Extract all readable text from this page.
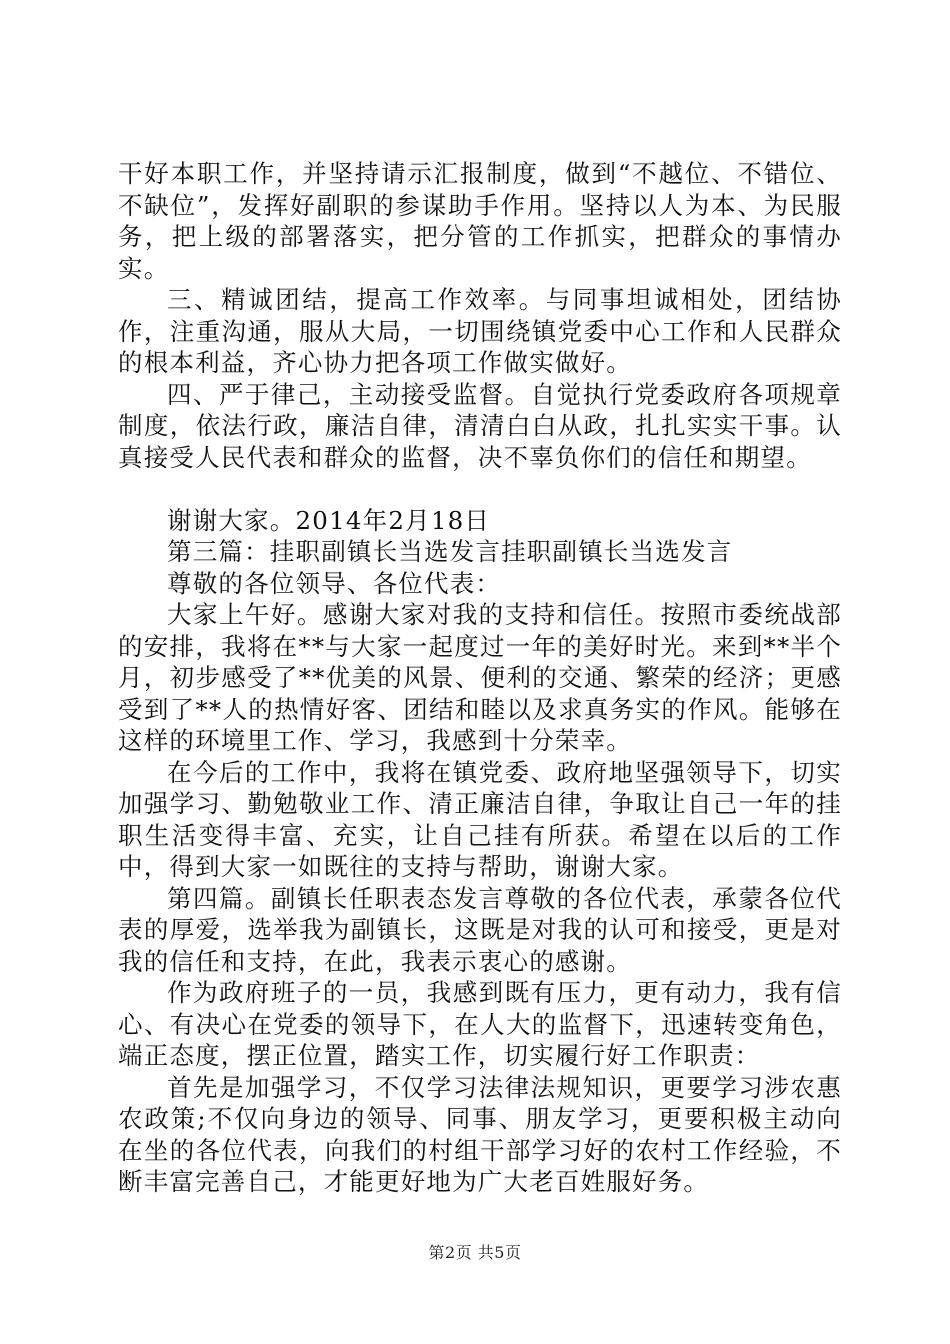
干好本职工作，并坚持请示汇报制度，做到“不越位、不错位、不缺位”，发挥好副职的参谋助手作用。坚持以人为本、为民服务，把上级的部署落实，把分管的工作抓实，把群众的事情办实。

三、精诚团结，提高工作效率。与同事坦诚相处，团结协作，注重沟通，服从大局，一切围绕镇党委中心工作和人民群众的根本利益，齐心协力把各项工作做实做好。

四、严于律己，主动接受监督。自觉执行党委政府各项规章制度，依法行政，廉洁自律，清清白白从政，扎扎实实干事。认真接受人民代表和群众的监督，决不辜负你们的信任和期望。

谢谢大家。2014年2月18日

第三篇：挂职副镇长当选发言挂职副镇长当选发言

尊敬的各位领导、各位代表：

大家上午好。感谢大家对我的支持和信任。按照市委统战部的安排，我将在**与大家一起度过一年的美好时光。来到**半个月，初步感受了**优美的风景、便利的交通、繁荣的经济；更感受到了**人的热情好客、团结和睦以及求真务实的作风。能够在这样的环境里工作、学习，我感到十分荣幸。

在今后的工作中，我将在镇党委、政府地坚强领导下，切实加强学习、勤勉敬业工作、清正廉洁自律，争取让自己一年的挂职生活变得丰富、充实，让自己挂有所获。希望在以后的工作中，得到大家一如既往的支持与帮助，谢谢大家。

第四篇。副镇长任职表态发言尊敬的各位代表，承蒙各位代表的厚爱，选举我为副镇长，这既是对我的认可和接受，更是对我的信任和支持，在此，我表示衷心的感谢。

作为政府班子的一员，我感到既有压力，更有动力，我有信心、有决心在党委的领导下，在人大的监督下，迅速转变角色，端正态度，摆正位置，踏实工作，切实履行好工作职责：

首先是加强学习，不仅学习法律法规知识，更要学习涉农惠农政策;不仅向身边的领导、同事、朋友学习，更要积极主动向在坐的各位代表，向我们的村组干部学习好的农村工作经验，不断丰富完善自己，才能更好地为广大老百姓服好务。

第2页 共5页
